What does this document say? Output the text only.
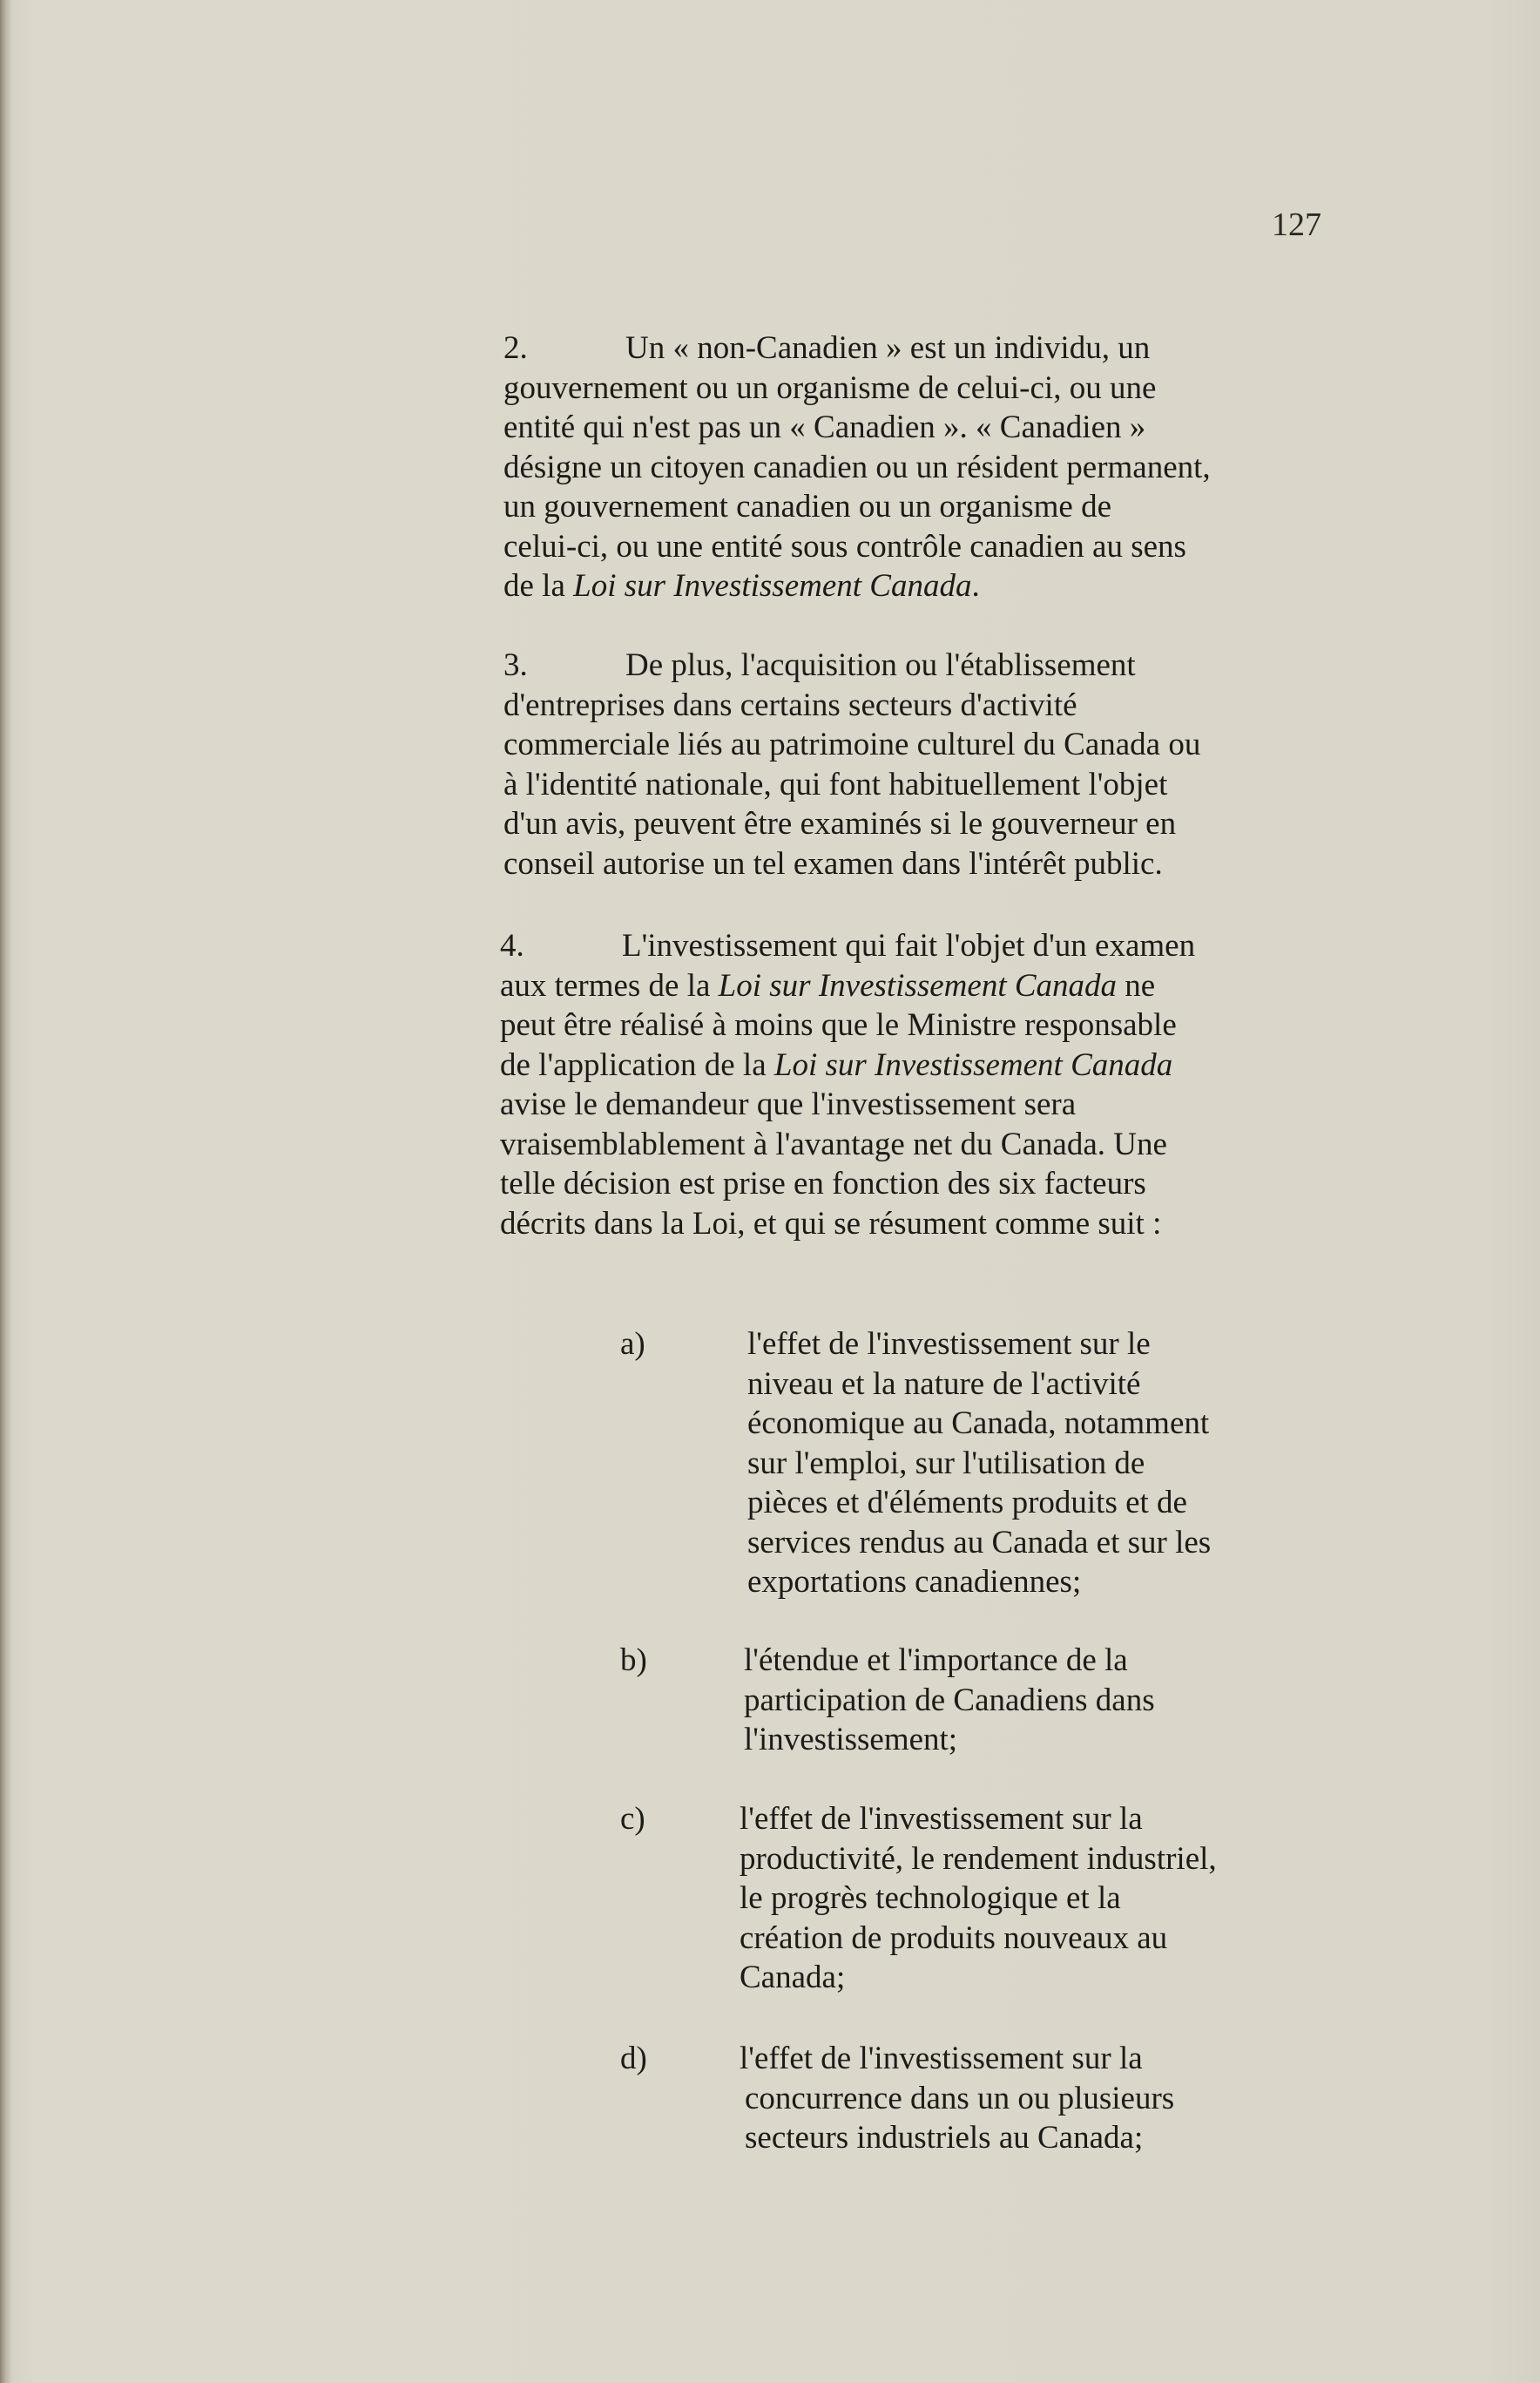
127
2.	Un « non-Canadien » est un individu, un
gouvernement ou un organisme de celui-ci, ou une
entité qui n'est pas un « Canadien ». « Canadien »
désigne un citoyen canadien ou un résident permanent,
un gouvernement canadien ou un organisme de
celui-ci, ou une entité sous contrôle canadien au sens
de la Loi sur Investissement Canada.
3.	De plus, l'acquisition ou l'établissement
d'entreprises dans certains secteurs d'activité
commerciale liés au patrimoine culturel du Canada ou
à l'identité nationale, qui font habituellement l'objet
d'un avis, peuvent être examinés si le gouverneur en
conseil autorise un tel examen dans l'intérêt public.
4.	L'investissement qui fait l'objet d'un examen
aux termes de la Loi sur Investissement Canada ne
peut être réalisé à moins que le Ministre responsable
de l'application de la Loi sur Investissement Canada
avise le demandeur que l'investissement sera
vraisemblablement à l'avantage net du Canada. Une
telle décision est prise en fonction des six facteurs
décrits dans la Loi, et qui se résument comme suit :
a)	l'effet de l'investissement sur le
niveau et la nature de l'activité
économique au Canada, notamment
sur l'emploi, sur l'utilisation de
pièces et d'éléments produits et de
services rendus au Canada et sur les
exportations canadiennes;
b)	l'étendue et l'importance de la
participation de Canadiens dans
l'investissement;
c)	l'effet de l'investissement sur la
productivité, le rendement industriel,
le progrès technologique et la
création de produits nouveaux au
Canada;
d)	l'effet de l'investissement sur la
concurrence dans un ou plusieurs
secteurs industriels au Canada;
